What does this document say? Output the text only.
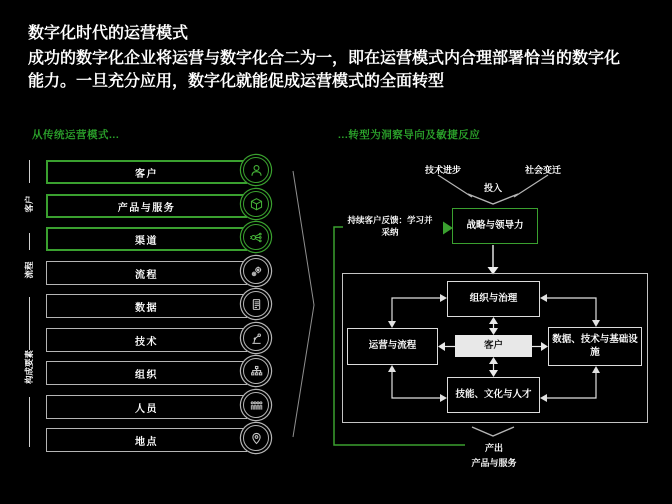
数字化时代的运营模式
成功的数字化企业将运营与数字化合二为一，即在运营模式内合理部署恰当的数字化能力。一旦充分应用，数字化就能促成运营模式的全面转型
从传统运营模式...	...转型为洞察导向及敏捷反应
客户
流程
构成要素
客户
产品与服务
渠道
流程
数据
技术
组织
人员
地点
技术进步	社会变迁
投入
持续客户反馈：学习并采纳
战略与领导力
组织与治理
运营与流程	客户
数据、技术与基础设施
技能、文化与人才
产出
产品与服务
